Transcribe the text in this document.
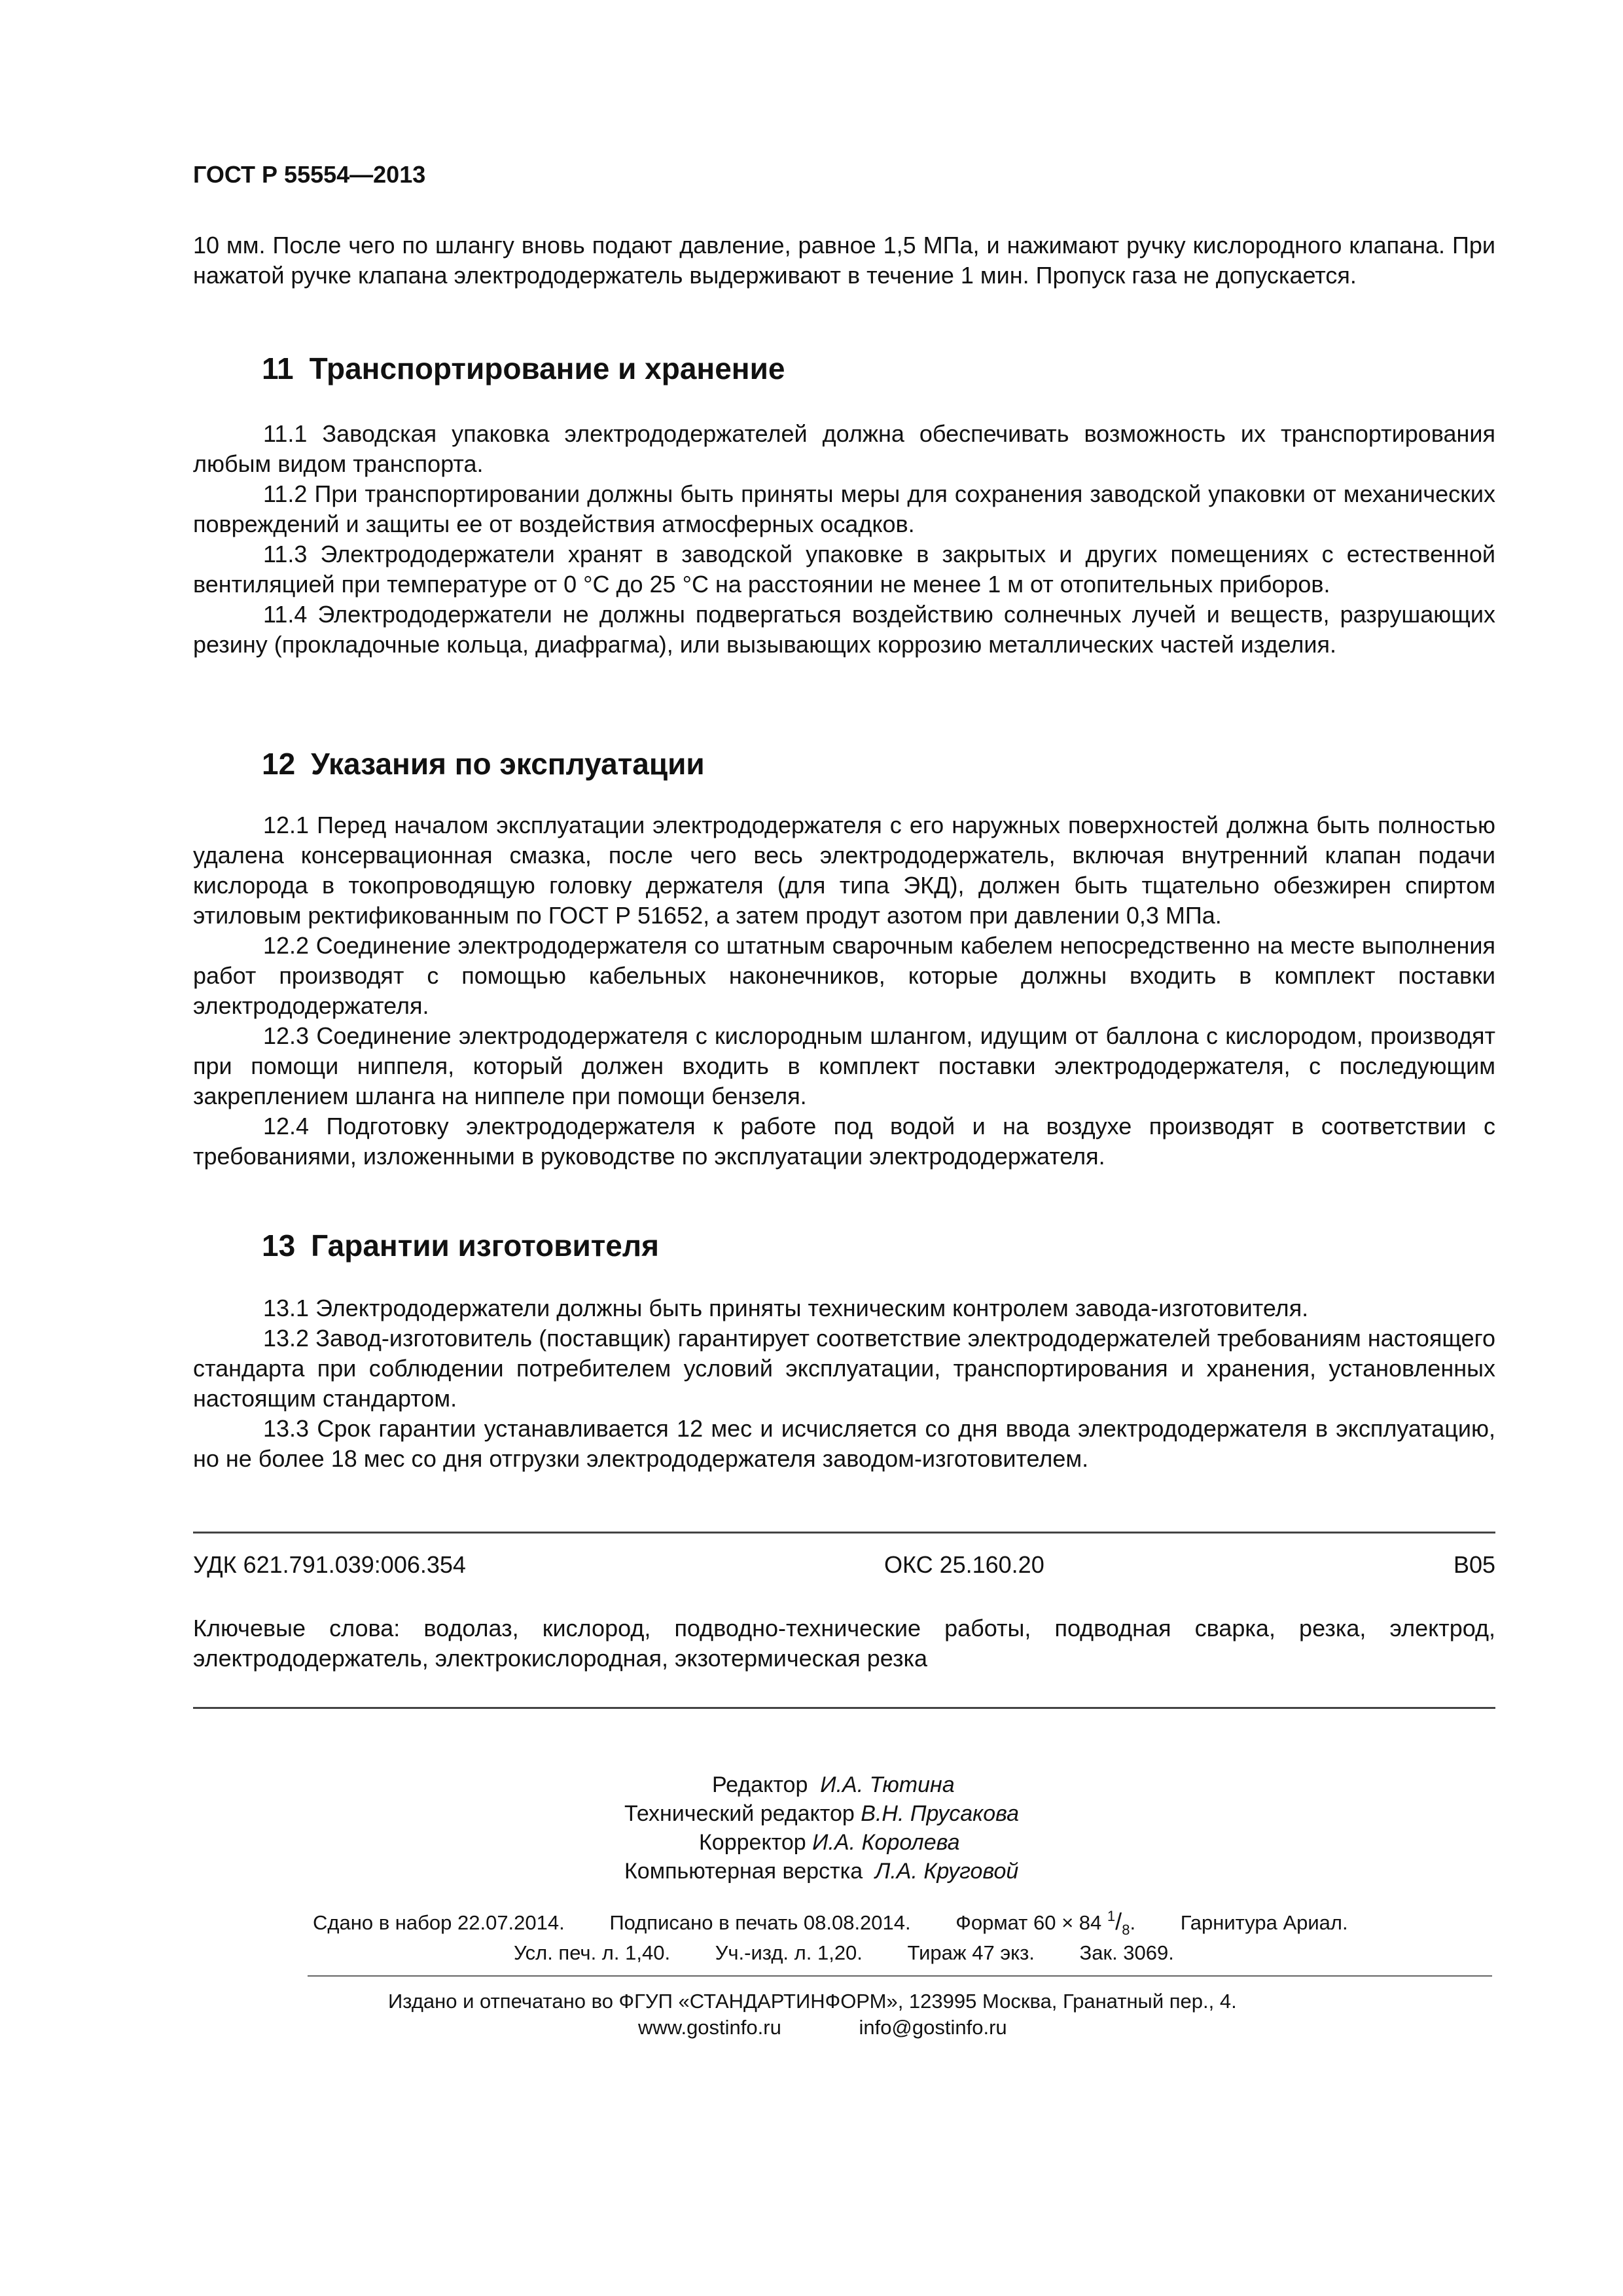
ГОСТ Р 55554—2013

10 мм. После чего по шлангу вновь подают давление, равное 1,5 МПа, и нажимают ручку кислородного клапана. При нажатой ручке клапана электрододержатель выдерживают в течение 1 мин. Пропуск газа не допускается.

11 Транспортирование и хранение

11.1 Заводская упаковка электрододержателей должна обеспечивать возможность их транспортирования любым видом транспорта.

11.2 При транспортировании должны быть приняты меры для сохранения заводской упаковки от механических повреждений и защиты ее от воздействия атмосферных осадков.

11.3 Электрододержатели хранят в заводской упаковке в закрытых и других помещениях с естественной вентиляцией при температуре от 0 °С до 25 °С на расстоянии не менее 1 м от отопительных приборов.

11.4 Электрододержатели не должны подвергаться воздействию солнечных лучей и веществ, разрушающих резину (прокладочные кольца, диафрагма), или вызывающих коррозию металлических частей изделия.

12 Указания по эксплуатации

12.1 Перед началом эксплуатации электрододержателя с его наружных поверхностей должна быть полностью удалена консервационная смазка, после чего весь электрододержатель, включая внутренний клапан подачи кислорода в токопроводящую головку держателя (для типа ЭКД), должен быть тщательно обезжирен спиртом этиловым ректификованным по ГОСТ Р 51652, а затем продут азотом при давлении 0,3 МПа.

12.2 Соединение электрододержателя со штатным сварочным кабелем непосредственно на месте выполнения работ производят с помощью кабельных наконечников, которые должны входить в комплект поставки электрододержателя.

12.3 Соединение электрододержателя с кислородным шлангом, идущим от баллона с кислородом, производят при помощи ниппеля, который должен входить в комплект поставки электрододержателя, с последующим закреплением шланга на ниппеле при помощи бензеля.

12.4 Подготовку электрододержателя к работе под водой и на воздухе производят в соответствии с требованиями, изложенными в руководстве по эксплуатации электрододержателя.

13 Гарантии изготовителя

13.1 Электрододержатели должны быть приняты техническим контролем завода-изготовителя.

13.2 Завод-изготовитель (поставщик) гарантирует соответствие электрододержателей требованиям настоящего стандарта при соблюдении потребителем условий эксплуатации, транспортирования и хранения, установленных настоящим стандартом.

13.3 Срок гарантии устанавливается 12 мес и исчисляется со дня ввода электрододержателя в эксплуатацию, но не более 18 мес со дня отгрузки электрододержателя заводом-изготовителем.

УДК 621.791.039:006.354	ОКС 25.160.20	В05
Ключевые слова: водолаз, кислород, подводно-технические работы, подводная сварка, резка, электрод, электрододержатель, электрокислородная, экзотермическая резка
Редактор И.А. Тютина
Технический редактор В.Н. Прусакова
Корректор И.А. Королева
Компьютерная верстка Л.А. Круговой
Сдано в набор 22.07.2014. Подписано в печать 08.08.2014. Формат 60 × 84 $^1/_8$. Гарнитура Ариал.
Усл. печ. л. 1,40. Уч.-изд. л. 1,20. Тираж 47 экз. Зак. 3069.
Издано и отпечатано во ФГУП «СТАНДАРТИНФОРМ», 123995 Москва, Гранатный пер., 4.
www.gostinfo.ru	info@gostinfo.ru
